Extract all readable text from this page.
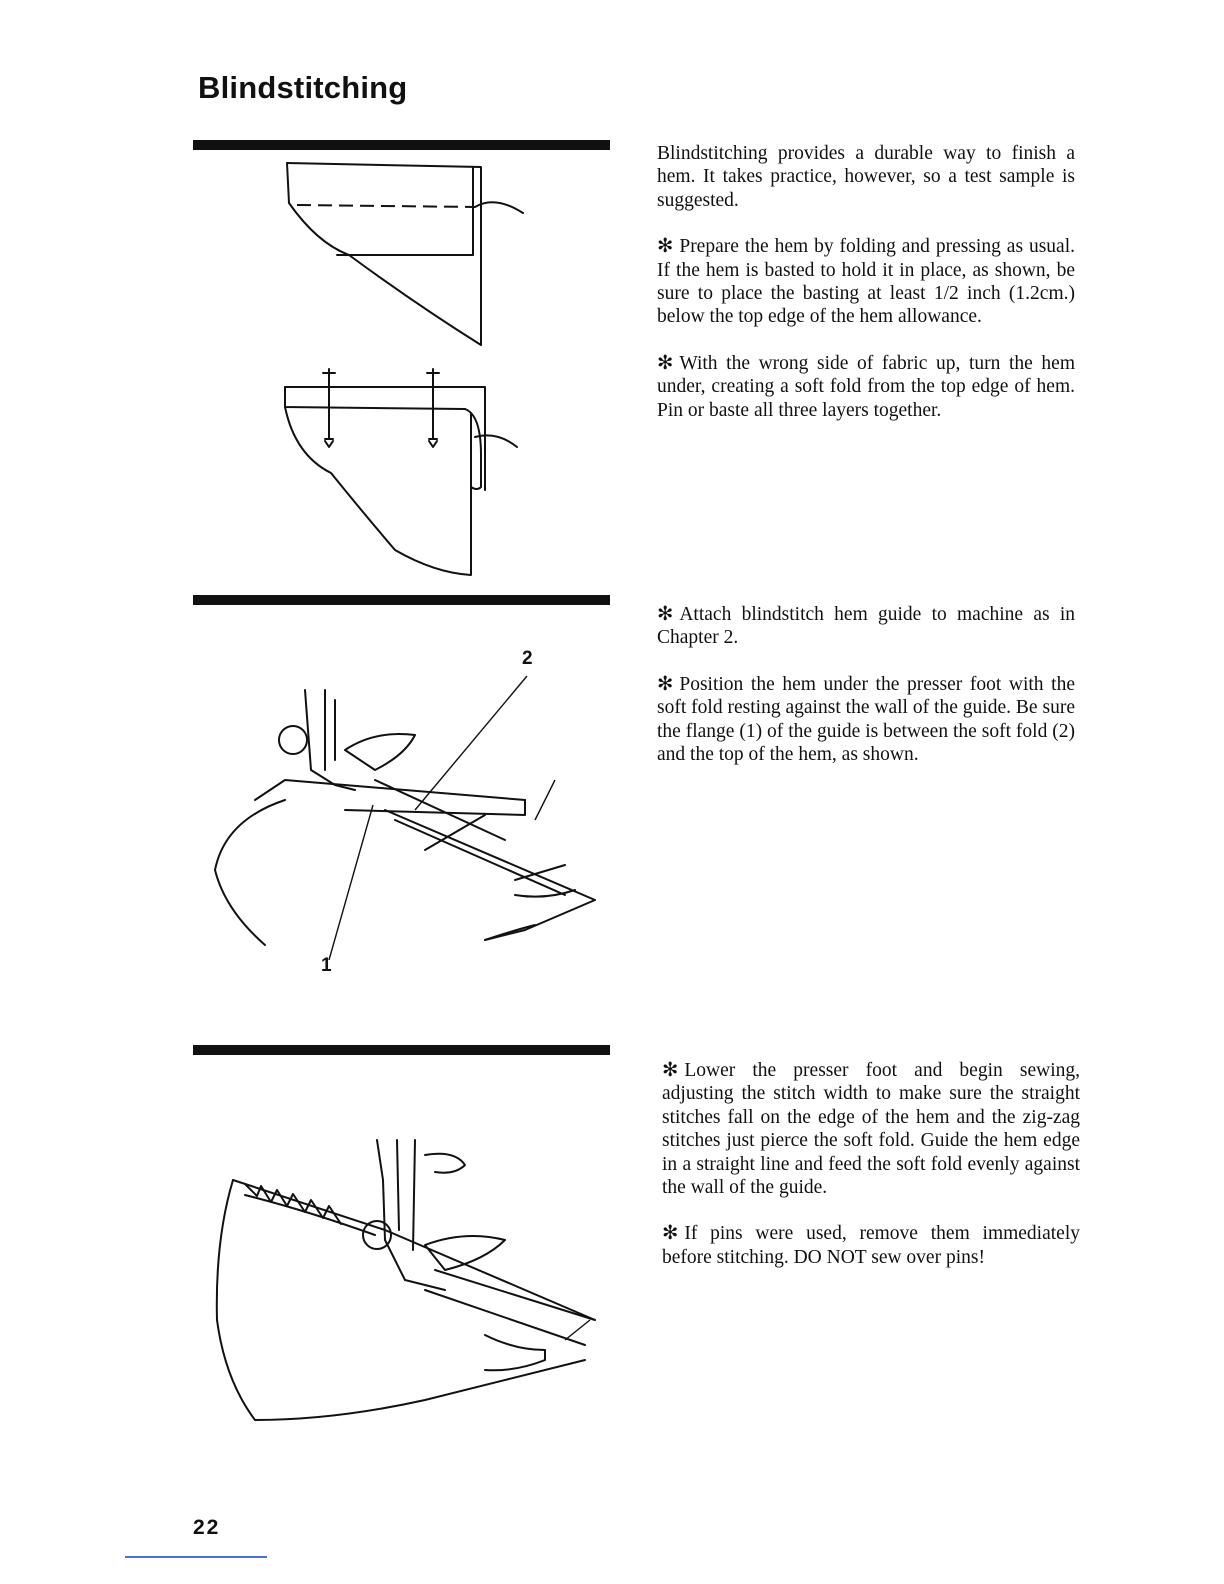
Blindstitching

Blindstitching provides a durable way to finish a hem. It takes practice, however, so a test sample is suggested.

✻ Prepare the hem by folding and pressing as usual. If the hem is basted to hold it in place, as shown, be sure to place the basting at least 1/2 inch (1.2cm.) below the top edge of the hem allowance.

✻ With the wrong side of fabric up, turn the hem under, creating a soft fold from the top edge of hem. Pin or baste all three layers together.

2
1

✻ Attach blindstitch hem guide to machine as in Chapter 2.

✻ Position the hem under the presser foot with the soft fold resting against the wall of the guide. Be sure the flange (1) of the guide is between the soft fold (2) and the top of the hem, as shown.

✻ Lower the presser foot and begin sewing, adjusting the stitch width to make sure the straight stitches fall on the edge of the hem and the zig-zag stitches just pierce the soft fold. Guide the hem edge in a straight line and feed the soft fold evenly against the wall of the guide.

✻ If pins were used, remove them immediately before stitching. DO NOT sew over pins!

22
